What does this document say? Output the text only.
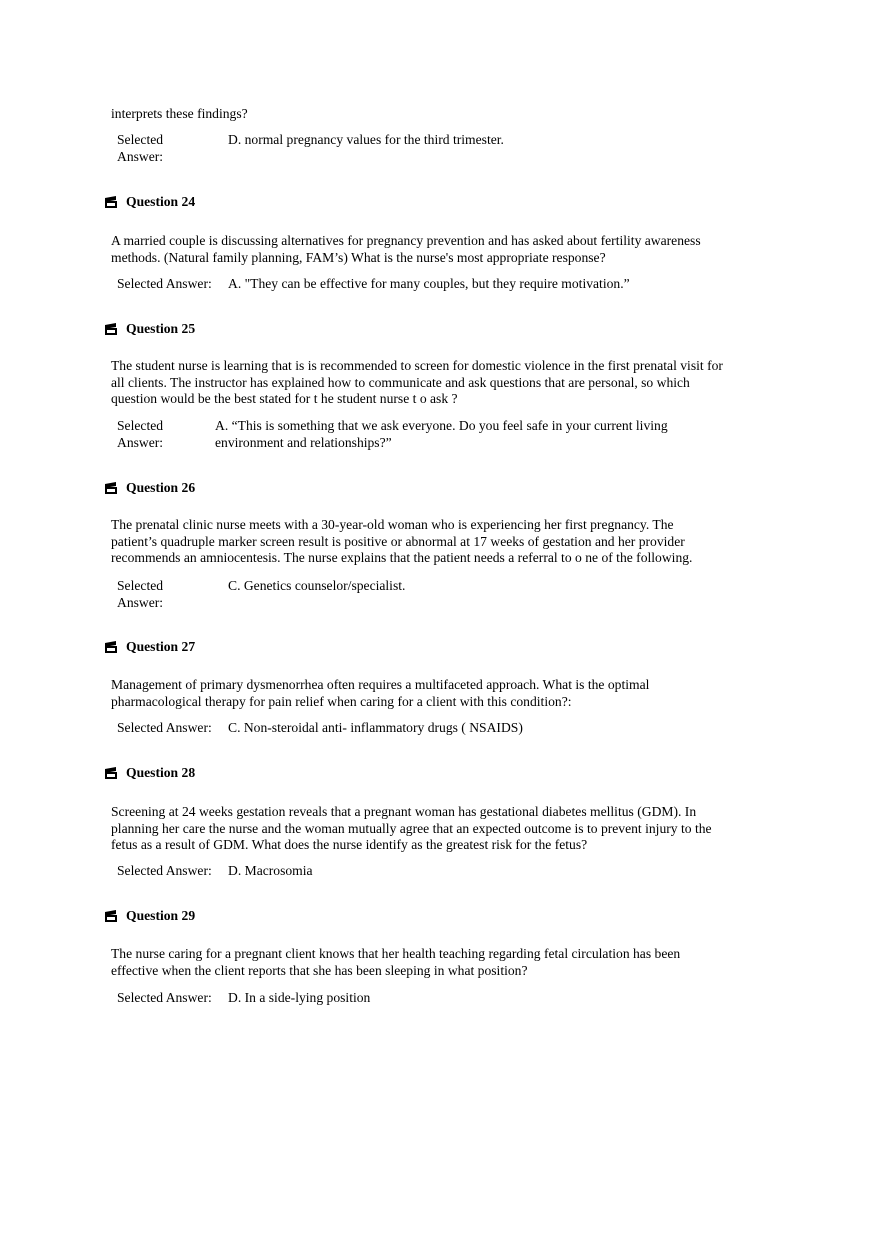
interprets these findings?
Selected
Answer:
D. normal pregnancy values for the third trimester.
Question 24
A married couple is discussing alternatives for pregnancy prevention and has asked about fertility awareness
methods. (Natural family planning, FAM’s) What is the nurse's most appropriate response?
Selected Answer: A. "They can be effective for many couples, but they require motivation.”
Question 25
The student nurse is learning that is is recommended to screen for domestic violence in the first prenatal visit for
all clients. The instructor has explained how to communicate and ask questions that are personal, so which
question would be the best stated for t he student nurse t o ask ?
Selected
Answer:
A. “This is something that we ask everyone. Do you feel safe in your current living
environment and relationships?”
Question 26
The prenatal clinic nurse meets with a 30-year-old woman who is experiencing her first pregnancy. The
patient’s quadruple marker screen result is positive or abnormal at 17 weeks of gestation and her provider
recommends an amniocentesis. The nurse explains that the patient needs a referral to o ne of the following.
Selected
Answer:
C. Genetics counselor/specialist.
Question 27
Management of primary dysmenorrhea often requires a multifaceted approach. What is the optimal
pharmacological therapy for pain relief when caring for a client with this condition?:
Selected Answer: C. Non-steroidal anti- inflammatory drugs ( NSAIDS)
Question 28
Screening at 24 weeks gestation reveals that a pregnant woman has gestational diabetes mellitus (GDM). In
planning her care the nurse and the woman mutually agree that an expected outcome is to prevent injury to the
fetus as a result of GDM. What does the nurse identify as the greatest risk for the fetus?
Selected Answer: D. Macrosomia
Question 29
The nurse caring for a pregnant client knows that her health teaching regarding fetal circulation has been
effective when the client reports that she has been sleeping in what position?
Selected Answer: D. In a side-lying position
